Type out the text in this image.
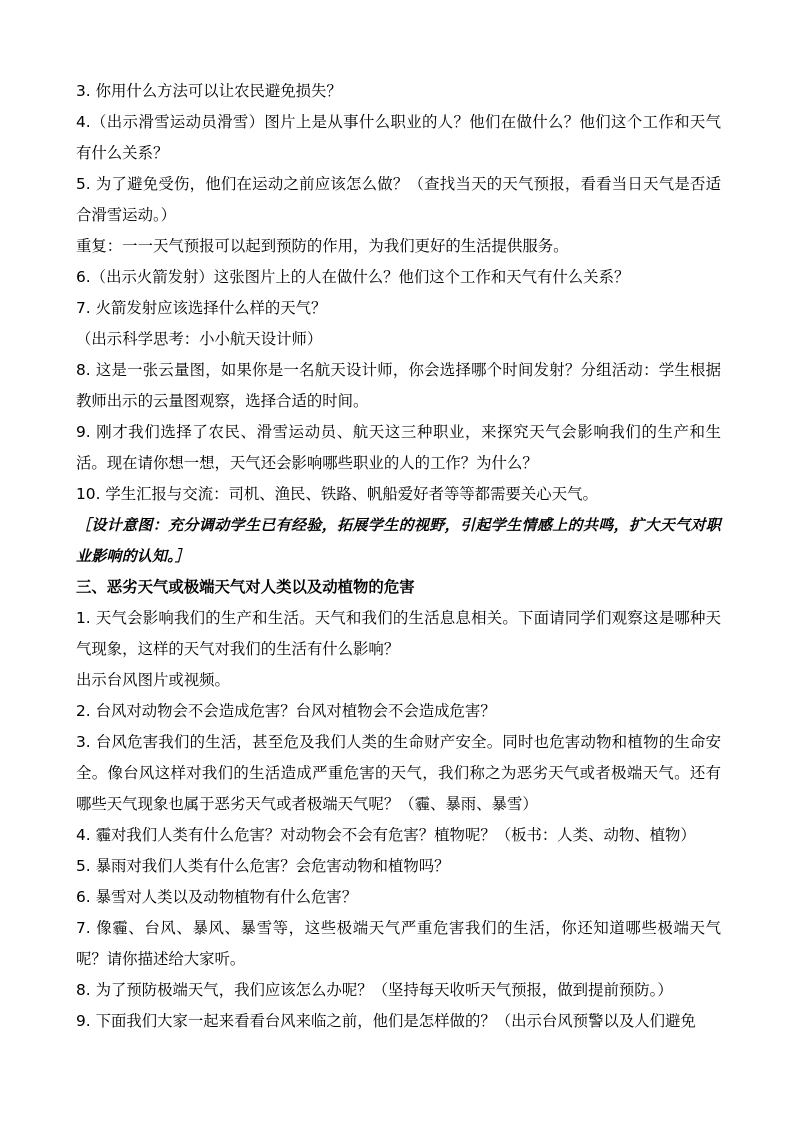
3. 你用什么方法可以让农民避免损失？

4.（出示滑雪运动员滑雪）图片上是从事什么职业的人？他们在做什么？他们这个工作和天气有什么关系？

5. 为了避免受伤，他们在运动之前应该怎么做？（查找当天的天气预报，看看当日天气是否适合滑雪运动。）

重复：一一天气预报可以起到预防的作用，为我们更好的生活提供服务。

6.（出示火箭发射）这张图片上的人在做什么？他们这个工作和天气有什么关系？

7. 火箭发射应该选择什么样的天气？

（出示科学思考：小小航天设计师）

8. 这是一张云量图，如果你是一名航天设计师，你会选择哪个时间发射？分组活动：学生根据教师出示的云量图观察，选择合适的时间。

9. 刚才我们选择了农民、滑雪运动员、航天这三种职业，来探究天气会影响我们的生产和生活。现在请你想一想，天气还会影响哪些职业的人的工作？为什么？

10. 学生汇报与交流：司机、渔民、铁路、帆船爱好者等等都需要关心天气。

［设计意图：充分调动学生已有经验，拓展学生的视野，引起学生情感上的共鸣，扩大天气对职业影响的认知。］

三、恶劣天气或极端天气对人类以及动植物的危害

1. 天气会影响我们的生产和生活。天气和我们的生活息息相关。下面请同学们观察这是哪种天气现象，这样的天气对我们的生活有什么影响？

出示台风图片或视频。

2. 台风对动物会不会造成危害？台风对植物会不会造成危害？

3. 台风危害我们的生活，甚至危及我们人类的生命财产安全。同时也危害动物和植物的生命安全。像台风这样对我们的生活造成严重危害的天气，我们称之为恶劣天气或者极端天气。还有哪些天气现象也属于恶劣天气或者极端天气呢？（霾、暴雨、暴雪）

4. 霾对我们人类有什么危害？对动物会不会有危害？植物呢？（板书：人类、动物、植物）

5. 暴雨对我们人类有什么危害？会危害动物和植物吗？

6. 暴雪对人类以及动物植物有什么危害？

7. 像霾、台风、暴风、暴雪等，这些极端天气严重危害我们的生活，你还知道哪些极端天气呢？请你描述给大家听。

8. 为了预防极端天气，我们应该怎么办呢？（坚持每天收听天气预报，做到提前预防。）

9. 下面我们大家一起来看看台风来临之前，他们是怎样做的？（出示台风预警以及人们避免
